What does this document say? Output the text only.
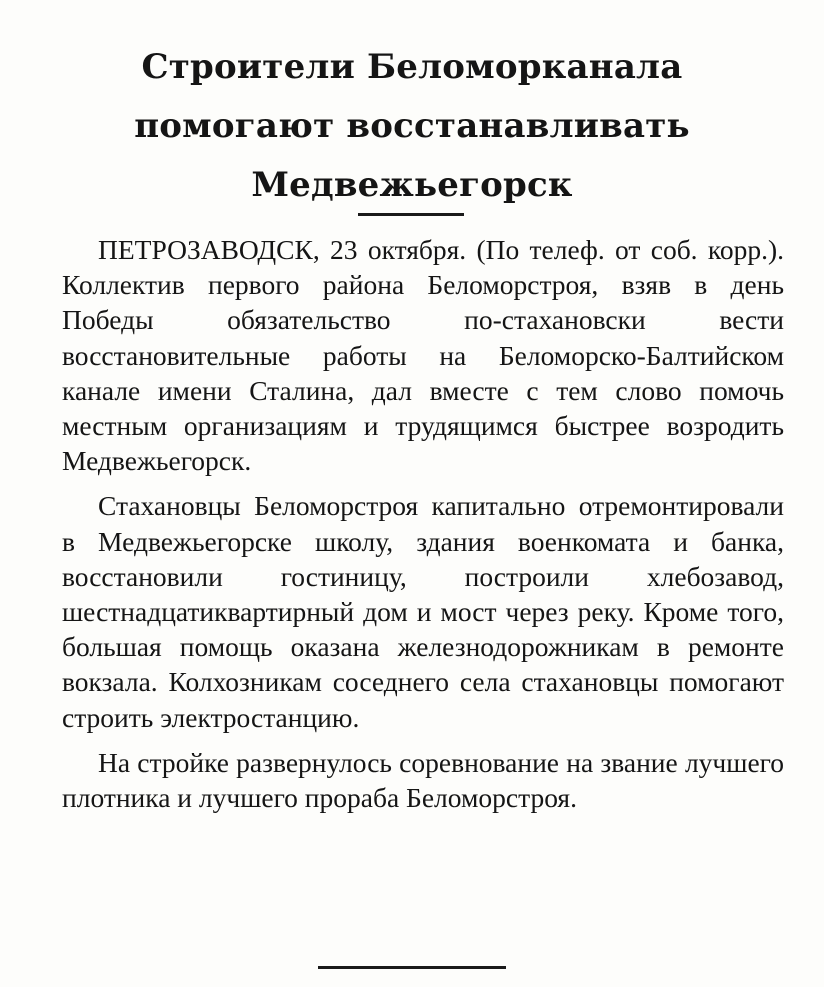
Строители Беломорканала
помогают восстанавливать
Медвежьегорск

ПЕТРОЗАВОДСК, 23 октября. (По телеф. от соб. корр.). Коллектив первого района Беломорстроя, взяв в день Победы обязательство по-стахановски вести восстановительные работы на Беломорско-Балтийском канале имени Сталина, дал вместе с тем слово помочь местным организациям и трудящимся быстрее возродить Медвежьегорск.

Стахановцы Беломорстроя капитально отремонтировали в Медвежьегорске школу, здания военкомата и банка, восстановили гостиницу, построили хлебозавод, шестнадцатиквартирный дом и мост через реку. Кроме того, большая помощь оказана железнодорожникам в ремонте вокзала. Колхозникам соседнего села стахановцы помогают строить электростанцию.

На стройке развернулось соревнование на звание лучшего плотника и лучшего прораба Беломорстроя.
